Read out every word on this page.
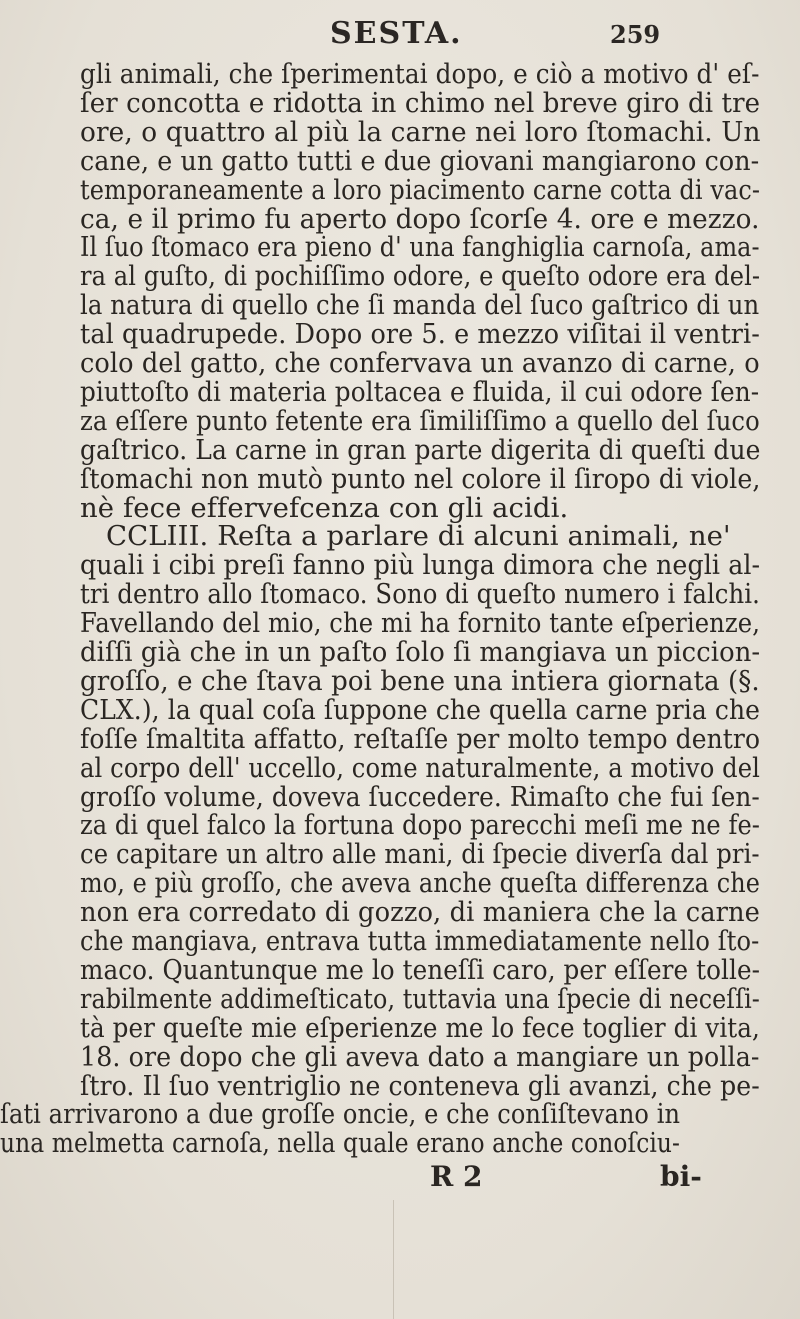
SESTA.	259
gli animali, che ſperimentai dopo, e ciò a motivo d' eſ-
ſer concotta e ridotta in chimo nel breve giro di tre
ore, o quattro al più la carne nei loro ſtomachi. Un
cane, e un gatto tutti e due giovani mangiarono con-
temporaneamente a loro piacimento carne cotta di vac-
ca, e il primo fu aperto dopo ſcorſe 4. ore e mezzo.
Il ſuo ſtomaco era pieno d' una fanghiglia carnoſa, ama-
ra al guſto, di pochiſſimo odore, e queſto odore era del-
la natura di quello che ſi manda del ſuco gaſtrico di un
tal quadrupede. Dopo ore 5. e mezzo viſitai il ventri-
colo del gatto, che confervava un avanzo di carne, o
piuttoſto di materia poltacea e fluida, il cui odore ſen-
za eſſere punto fetente era ſimiliſſimo a quello del ſuco
gaſtrico. La carne in gran parte digerita di queſti due
ſtomachi non mutò punto nel colore il ſiropo di viole,
nè fece effervefcenza con gli acidi.
CCLIII. Reſta a parlare di alcuni animali, ne'
quali i cibi preſi fanno più lunga dimora che negli al-
tri dentro allo ſtomaco. Sono di queſto numero i falchi.
Favellando del mio, che mi ha fornito tante eſperienze,
diſſi già che in un paſto ſolo ſi mangiava un piccion-
groſſo, e che ſtava poi bene una intiera giornata (§.
CLX.), la qual coſa ſuppone che quella carne pria che
foſſe ſmaltita affatto, reſtaſſe per molto tempo dentro
al corpo dell' uccello, come naturalmente, a motivo del
groſſo volume, doveva ſuccedere. Rimaſto che fui ſen-
za di quel falco la fortuna dopo parecchi meſi me ne fe-
ce capitare un altro alle mani, di ſpecie diverſa dal pri-
mo, e più groſſo, che aveva anche queſta differenza che
non era corredato di gozzo, di maniera che la carne
che mangiava, entrava tutta immediatamente nello ſto-
maco. Quantunque me lo teneſſi caro, per eſſere tolle-
rabilmente addimeſticato, tuttavia una ſpecie di neceſſi-
tà per queſte mie eſperienze me lo fece toglier di vita,
18. ore dopo che gli aveva dato a mangiare un polla-
ſtro. Il ſuo ventriglio ne conteneva gli avanzi, che pe-
ſati arrivarono a due groſſe oncie, e che conſiſtevano in
una melmetta carnoſa, nella quale erano anche conoſciu-
R 2	bi-
